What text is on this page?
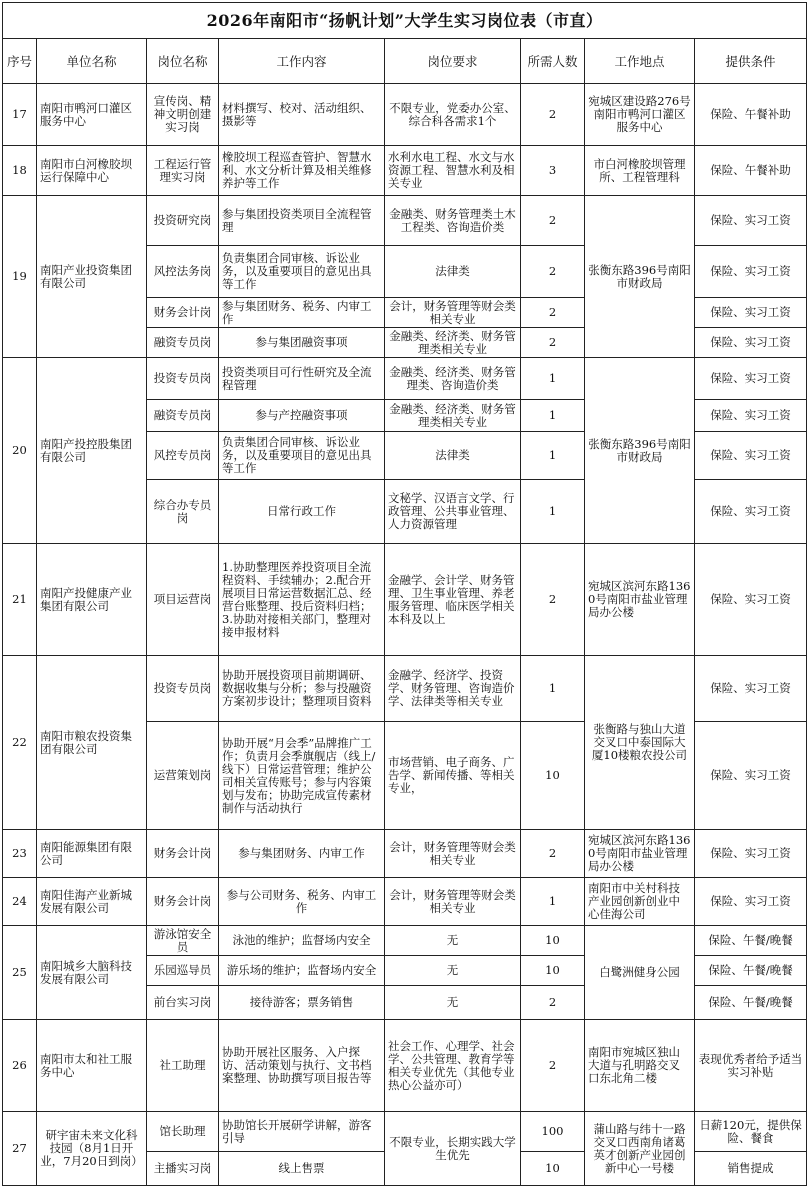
2026年南阳市“扬帆计划”大学生实习岗位表（市直）							
序号	单位名称	岗位名称	工作内容	岗位要求	所需人数	工作地点	提供条件
17	南阳市鸭河口灌区服务中心	宣传岗、精神文明创建实习岗	材料撰写、校对、活动组织、摄影等	不限专业，党委办公室、综合科各需求1个	2	宛城区建设路276号南阳市鸭河口灌区服务中心	保险、午餐补助
18	南阳市白河橡胶坝运行保障中心	工程运行管理实习岗	橡胶坝工程巡查管护、智慧水利、水文分析计算及相关维修养护等工作	水利水电工程、水文与水资源工程、智慧水利及相关专业	3	市白河橡胶坝管理所、工程管理科	保险、午餐补助
19	南阳产业投资集团有限公司	投资研究岗	参与集团投资类项目全流程管理	金融类、财务管理类土木工程类、咨询造价类	2	张衡东路396号南阳市财政局	保险、实习工资
		风控法务岗	负责集团合同审核、诉讼业务，以及重要项目的意见出具等工作	法律类	2		保险、实习工资
		财务会计岗	参与集团财务、税务、内审工作	会计，财务管理等财会类相关专业	2		保险、实习工资
		融资专员岗	参与集团融资事项	金融类、经济类、财务管理类相关专业	2		保险、实习工资
20	南阳产投控股集团有限公司	投资专员岗	投资类项目可行性研究及全流程管理	金融类、经济类、财务管理类、咨询造价类	1	张衡东路396号南阳市财政局	保险、实习工资
		融资专员岗	参与产控融资事项	金融类、经济类、财务管理类相关专业	1		保险、实习工资
		风控专员岗	负责集团合同审核、诉讼业务，以及重要项目的意见出具等工作	法律类	1		保险、实习工资
		综合办专员岗	日常行政工作	文秘学、汉语言文学、行政管理、公共事业管理、人力资源管理	1		保险、实习工资
21	南阳产投健康产业集团有限公司	项目运营岗	1.协助整理医养投资项目全流程资料、手续辅办；2.配合开展项目日常运营数据汇总、经营台账整理、投后资料归档；3.协助对接相关部门，整理对接申报材料	金融学、会计学、财务管理、卫生事业管理、养老服务管理、临床医学相关本科及以上	2	宛城区滨河东路1360号南阳市盐业管理局办公楼	保险、实习工资
22	南阳市粮农投资集团有限公司	投资专员岗	协助开展投资项目前期调研、数据收集与分析；参与投融资方案初步设计；整理项目资料	金融学、经济学、投资学、财务管理、咨询造价学、法律类等相关专业	1	张衡路与独山大道交叉口中泰国际大厦10楼粮农投公司	保险、实习工资
		运营策划岗	协助开展“月会季”品牌推广工作；负责月会季旗舰店（线上/线下）日常运营管理；维护公司相关宣传账号；参与内容策划与发布；协助完成宣传素材制作与活动执行	市场营销、电子商务、广告学、新闻传播、等相关专业，	10		保险、实习工资
23	南阳能源集团有限公司	财务会计岗	参与集团财务、内审工作	会计，财务管理等财会类相关专业	2	宛城区滨河东路1360号南阳市盐业管理局办公楼	保险、实习工资
24	南阳佳海产业新城发展有限公司	财务会计岗	参与公司财务、税务、内审工作	会计，财务管理等财会类相关专业	1	南阳市中关村科技产业园创新创业中心佳海公司	保险、实习工资
25	南阳城乡大脑科技发展有限公司	游泳馆安全员	泳池的维护；监督场内安全	无	10	白鹭洲健身公园	保险、午餐/晚餐
		乐园巡导员	游乐场的维护；监督场内安全	无	10		保险、午餐/晚餐
		前台实习岗	接待游客；票务销售	无	2		保险、午餐/晚餐
26	南阳市太和社工服务中心	社工助理	协助开展社区服务、入户探访、活动策划与执行、文书档案整理、协助撰写项目报告等	社会工作、心理学、社会学、公共管理、教育学等相关专业优先（其他专业热心公益亦可）	2	南阳市宛城区独山大道与孔明路交叉口东北角二楼	表现优秀者给予适当实习补贴
27	研宇宙未来文化科技园（8月1日开业，7月20日到岗）	馆长助理	协助馆长开展研学讲解，游客引导	不限专业，长期实践大学生优先	100	蒲山路与纬十一路交叉口西南角诸葛英才创新产业园创新中心一号楼	日薪120元，提供保险、餐食
		主播实习岗	线上售票		10		销售提成
